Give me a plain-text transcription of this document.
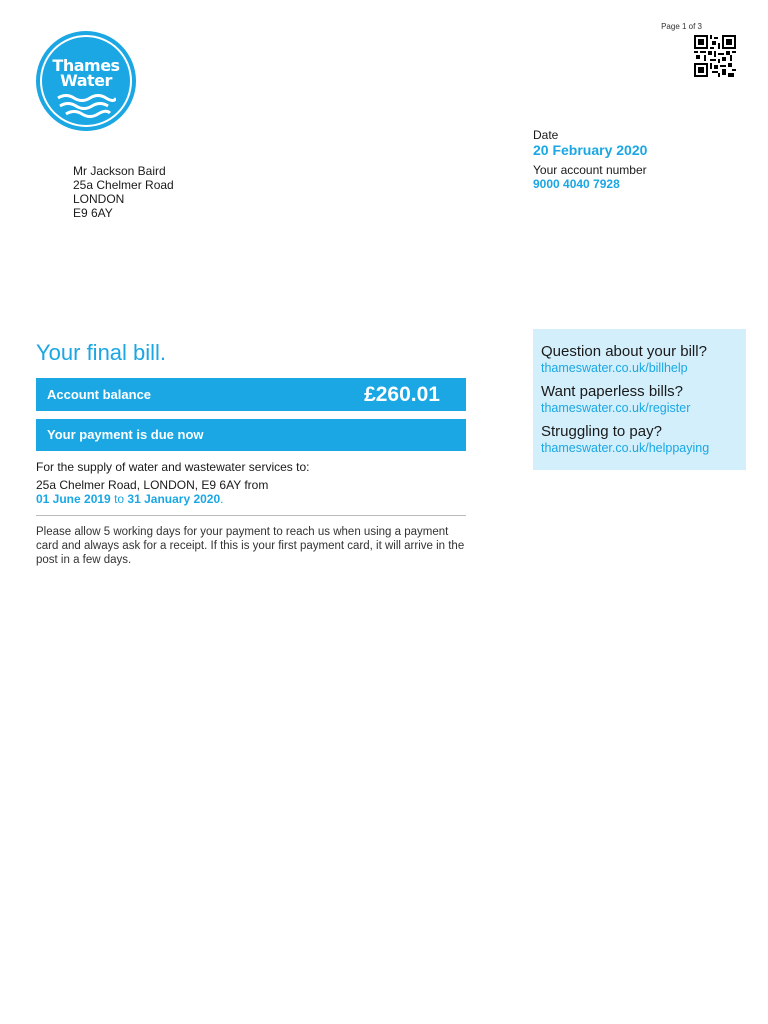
Page 1 of 3
Thames
Water
Date
20 February 2020
Your account number
9000 4040 7928
Mr Jackson Baird
25a Chelmer Road
LONDON
E9 6AY
Your final bill.
Account balance	£260.01
Your payment is due now
For the supply of water and wastewater services to:
25a Chelmer Road, LONDON, E9 6AY from
01 June 2019 to 31 January 2020.
Please allow 5 working days for your payment to reach us when using a payment card and always ask for a receipt. If this is your first payment card, it will arrive in the post in a few days.
Question about your bill?
thameswater.co.uk/billhelp
Want paperless bills?
thameswater.co.uk/register
Struggling to pay?
thameswater.co.uk/helppaying
